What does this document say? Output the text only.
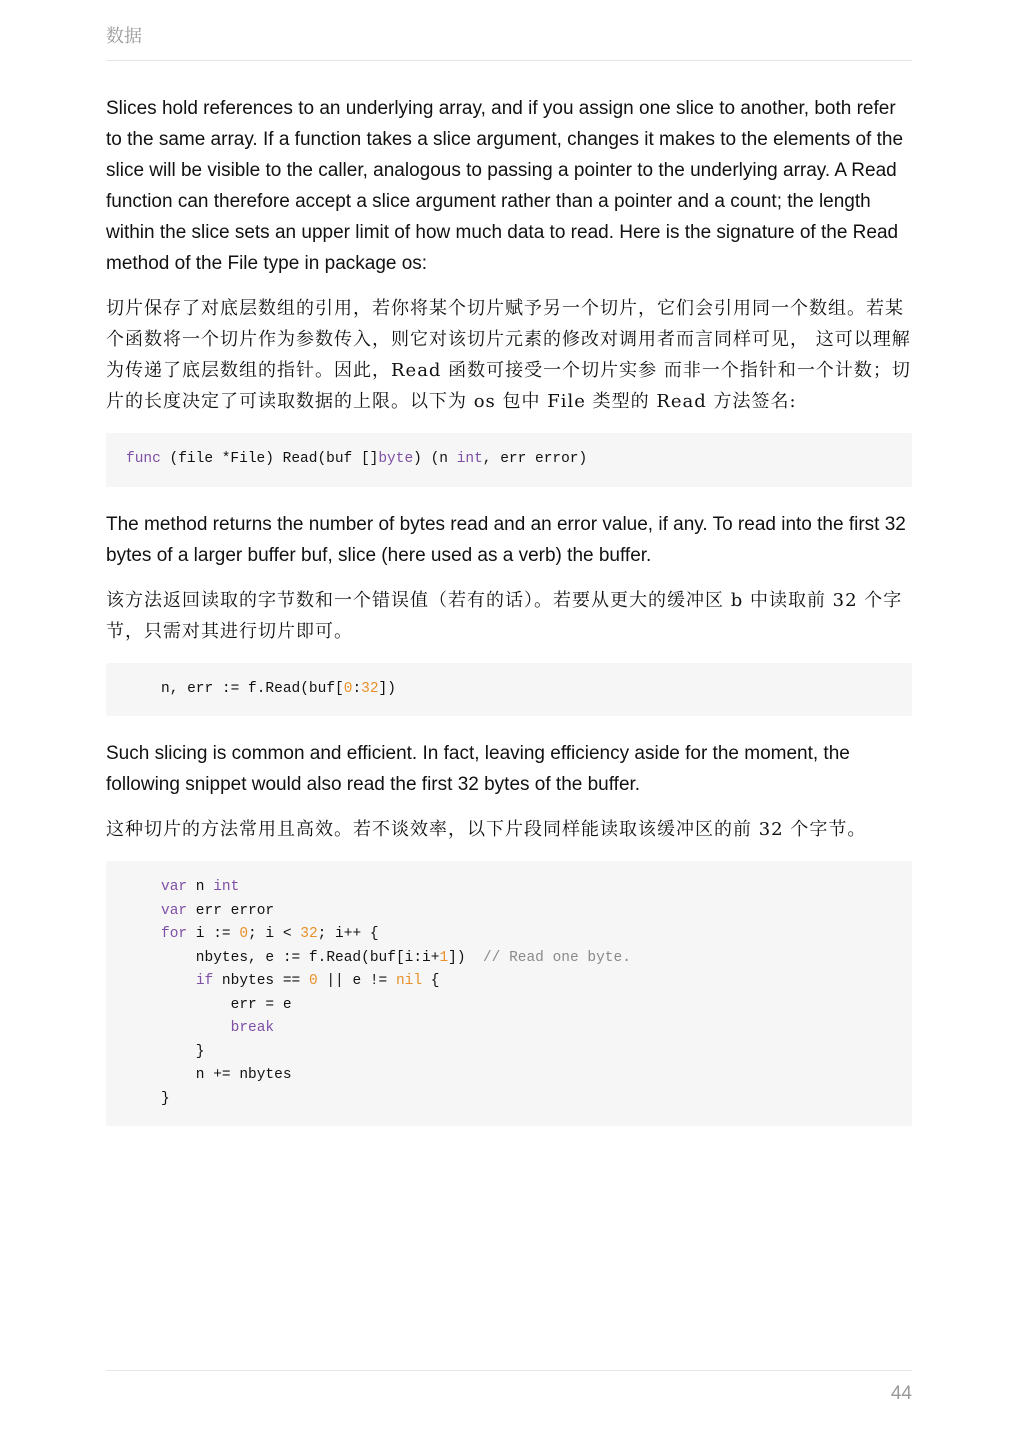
数据

Slices hold references to an underlying array, and if you assign one slice to another, both refer to the same array. If a function takes a slice argument, changes it makes to the elements of the slice will be visible to the caller, analogous to passing a pointer to the underlying array. A Read function can therefore accept a slice argument rather than a pointer and a count; the length within the slice sets an upper limit of how much data to read. Here is the signature of the Read method of the File type in package os:

切片保存了对底层数组的引用，若你将某个切片赋予另一个切片，它们会引用同一个数组。若某个函数将一个切片作为参数传入，则它对该切片元素的修改对调用者而言同样可见， 这可以理解为传递了底层数组的指针。因此，Read 函数可接受一个切片实参 而非一个指针和一个计数；切片的长度决定了可读取数据的上限。以下为 os 包中 File 类型的 Read 方法签名:

func (file *File) Read(buf []byte) (n int, err error)

The method returns the number of bytes read and an error value, if any. To read into the first 32 bytes of a larger buffer buf, slice (here used as a verb) the buffer.

该方法返回读取的字节数和一个错误值（若有的话）。若要从更大的缓冲区 b 中读取前 32 个字节，只需对其进行切片即可。

n, err := f.Read(buf[0:32])

Such slicing is common and efficient. In fact, leaving efficiency aside for the moment, the following snippet would also read the first 32 bytes of the buffer.

这种切片的方法常用且高效。若不谈效率，以下片段同样能读取该缓冲区的前 32 个字节。

var n int
var err error
for i := 0; i < 32; i++ {
nbytes, e := f.Read(buf[i:i+1])  // Read one byte.
if nbytes == 0 || e != nil {
err = e
break
}
n += nbytes
}
44
